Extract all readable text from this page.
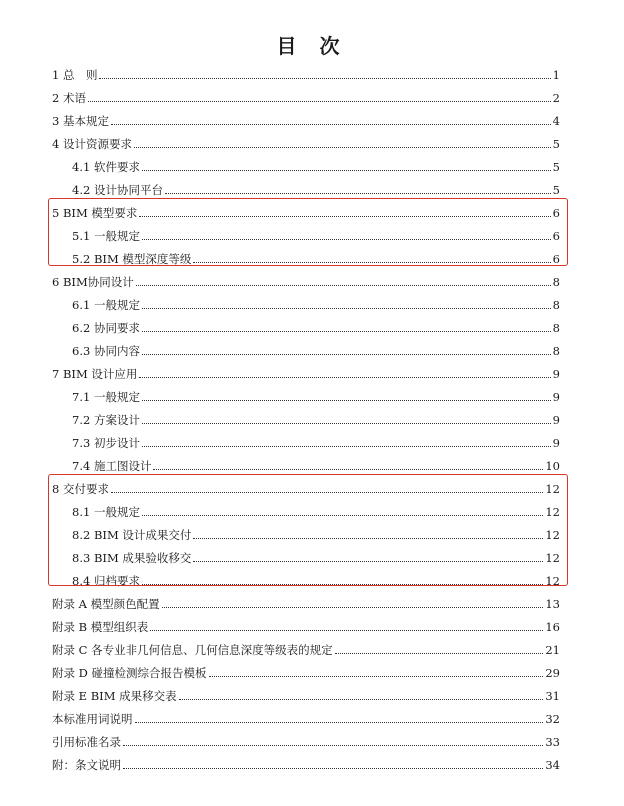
目 次
1 总　则	1
2 术语	2
3 基本规定	4
4 设计资源要求	5
4.1 软件要求	5
4.2 设计协同平台	5
5 BIM 模型要求	6
5.1 一般规定	6
5.2 BIM 模型深度等级	6
6 BIM协同设计	8
6.1 一般规定	8
6.2 协同要求	8
6.3 协同内容	8
7 BIM 设计应用	9
7.1 一般规定	9
7.2 方案设计	9
7.3 初步设计	9
7.4 施工图设计	10
8 交付要求	12
8.1 一般规定	12
8.2 BIM 设计成果交付	12
8.3 BIM 成果验收移交	12
8.4 归档要求	12
附录 A 模型颜色配置	13
附录 B 模型组织表	16
附录 C 各专业非几何信息、几何信息深度等级表的规定	21
附录 D 碰撞检测综合报告模板	29
附录 E BIM 成果移交表	31
本标准用词说明	32
引用标准名录	33
附：条文说明	34
